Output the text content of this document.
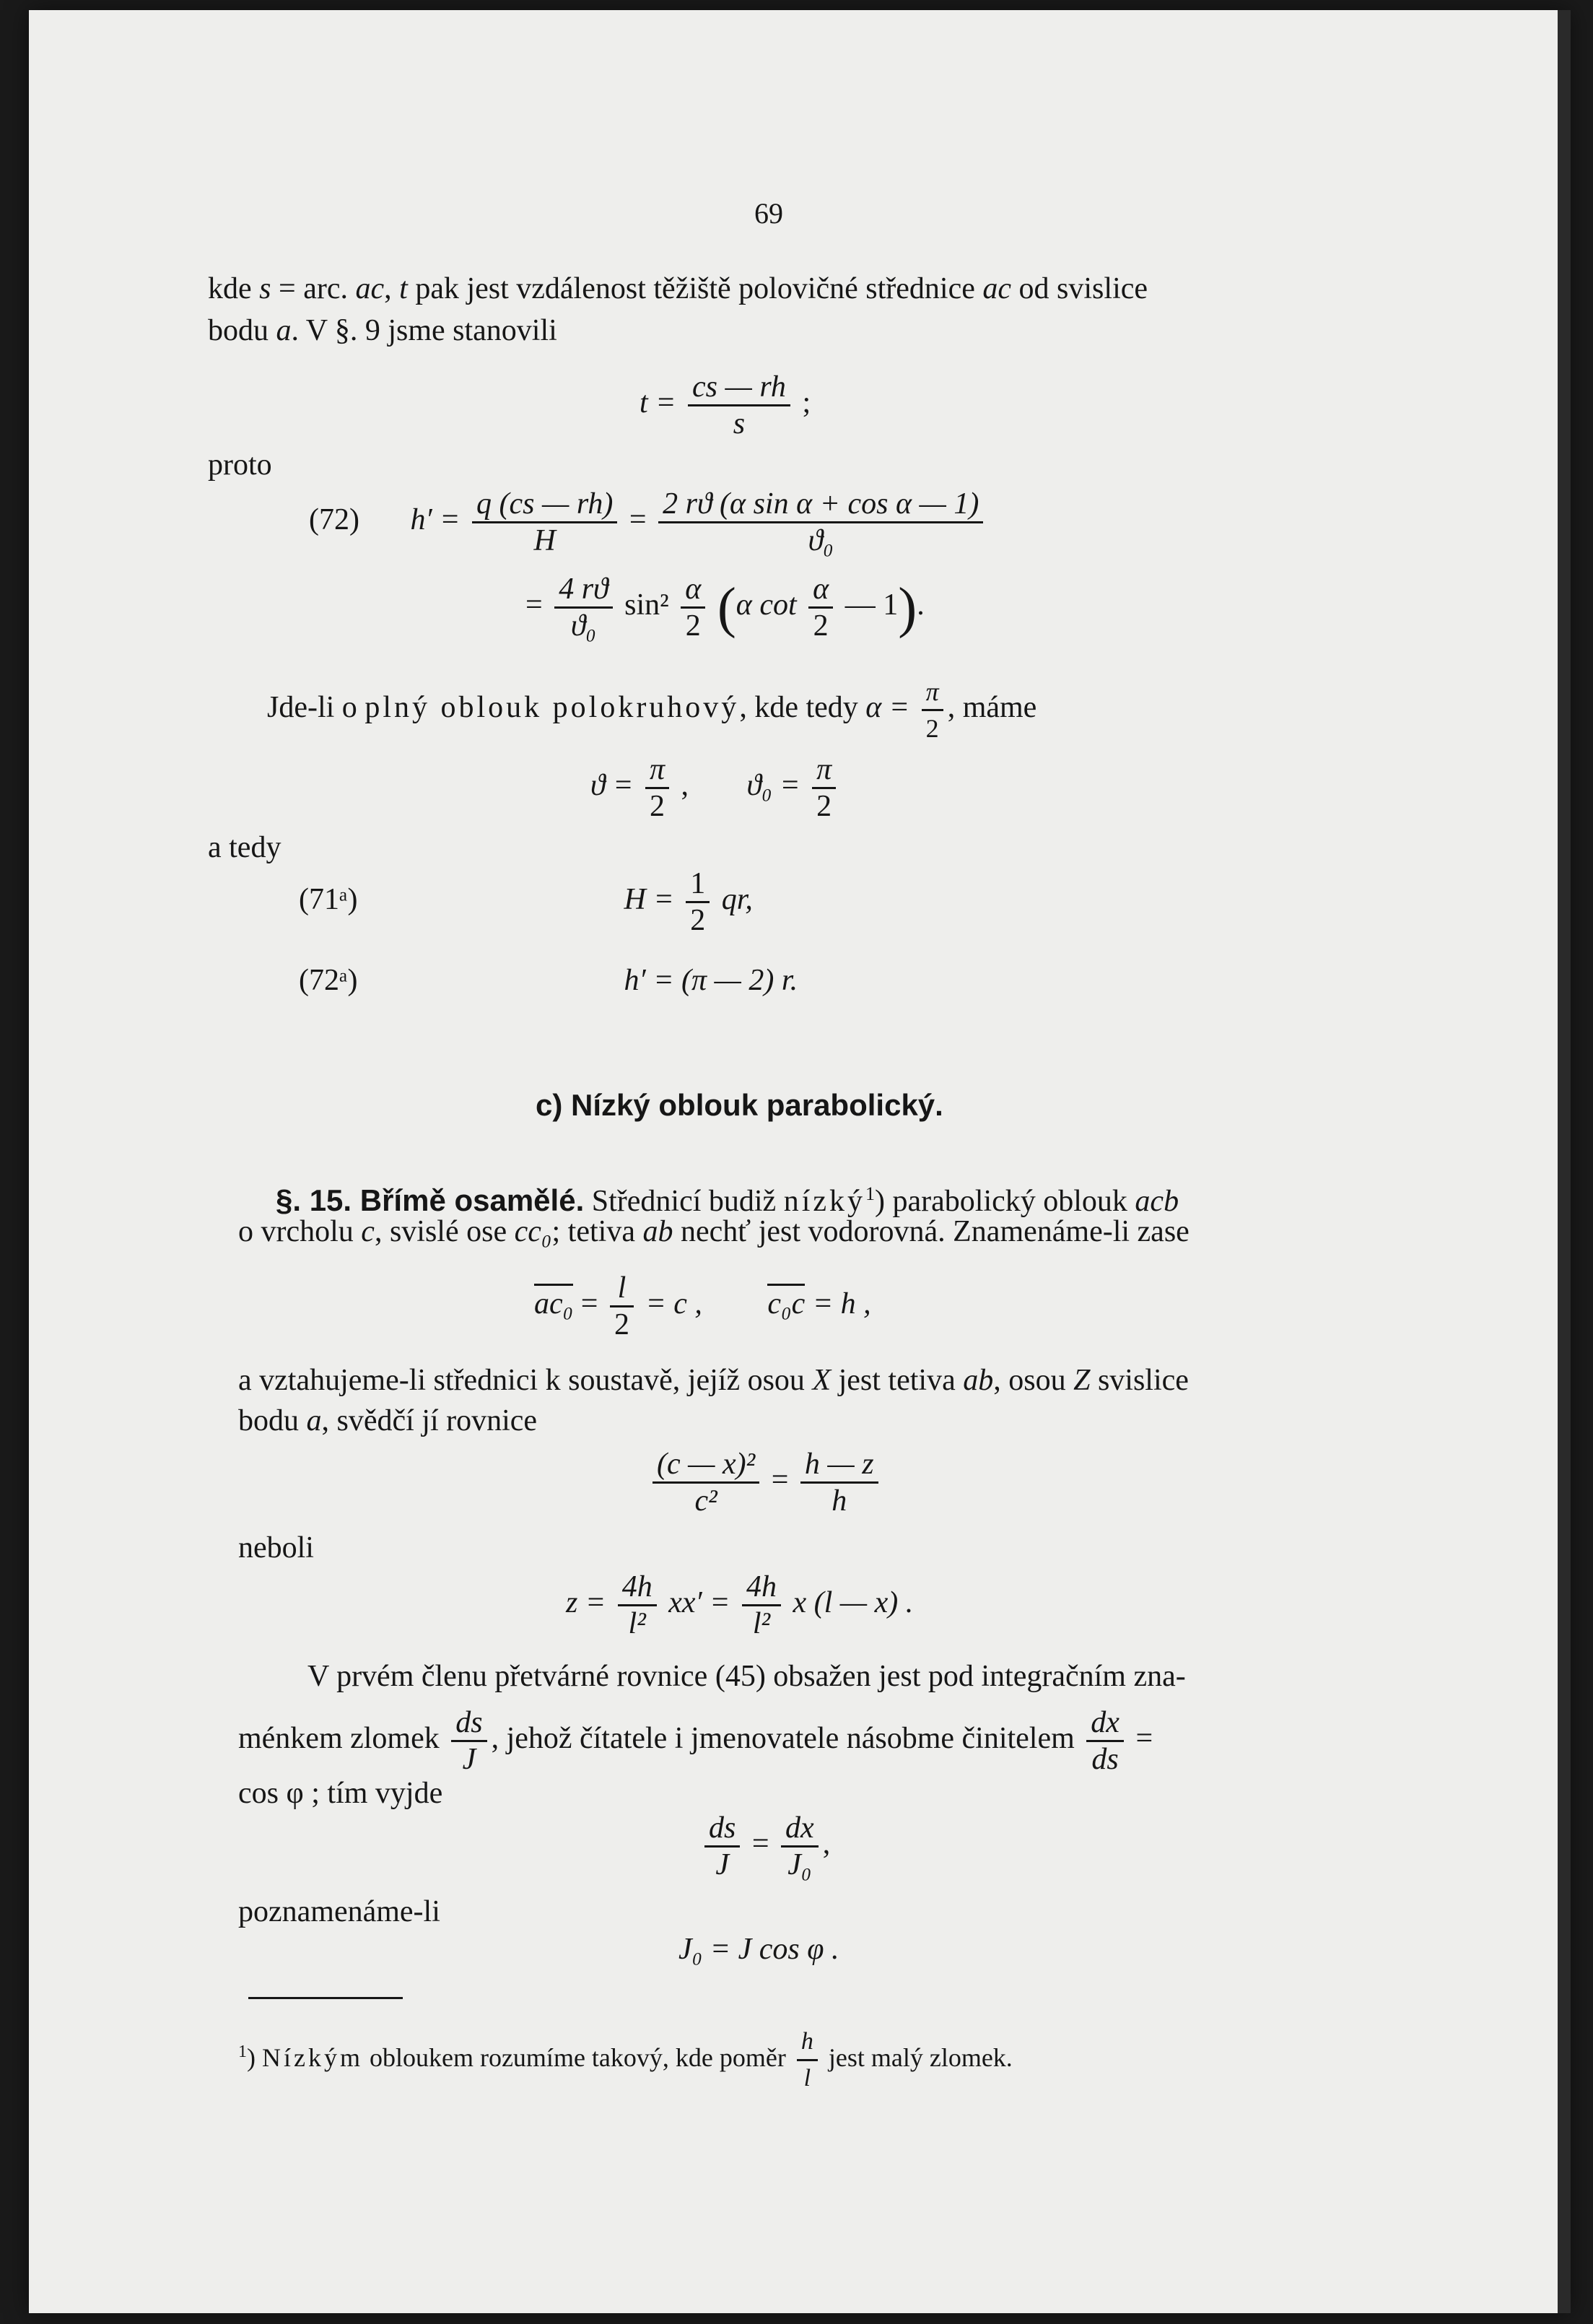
69
kde s = arc. ac, t pak jest vzdálenost těžiště polovičné střednice ac od svislice
bodu a. V §. 9 jsme stanovili
$t = \frac{cs — rh}{s}$ ;
proto
(72) $h' = \frac{q (cs — rh)}{H} = \frac{\text{2 rϑ (α sin α + cos α — 1)}}{\text{ϑ₀}}$
= $\frac{4 rϑ}{\text{ϑ₀}} \sin^2 \frac{\alpha}{2} (\alpha$ $\cot \frac{\alpha}{2}$ — 1).
Jde-li o plný oblouk polokruhový, kde tedy $\alpha = \frac{\pi}{2}$ , máme
$ϑ = \frac{\pi}{2}$ , $ϑ_0 = \frac{\pi}{2}$
a tedy
(71ᵃ)	$H = \frac{1}{2}$ qr,
(72ᵃ)	h′ = (π — 2) r.
c) Nízký oblouk parabolický.
§. 15. Břímě osamělé. Střednicí budiž nízký$^1$) parabolický oblouk acb
o vrcholu c, svislé ose cc₀; tetiva ab nechť jest vodorovná. Znamenáme-li zase
$ac_0 = \frac{l}{2} = c$ , c₀c = h ,
a vztahujeme-li střednici k soustavě, jejíž osou X jest tetiva ab, osou Z svislice
bodu a, svědčí jí rovnice
$\frac{\text{(c — x)²}}{\text{c²}} = \frac{h — z}{h}$
neboli
$z = \frac{4h}{\text{l²}} xx' = \frac{4h}{\text{l²}}$ x (l — x) .
V prvém členu přetvárné rovnice (45) obsažen jest pod integračním zna-
ménkem zlomek $\frac{ds}{J}$ , jehož čítatele i jmenovatele násobme činitelem $\frac{dx}{ds}$ =
cos φ ; tím vyjde
$\frac{ds}{J} = \frac{dx}{\text{J₀}}$ ,
poznamenáme-li
J₀ = J cos φ .
$^1$) Nízkým obloukem rozumíme takový, kde poměr $\frac{h}{l}$ jest malý zlomek.
